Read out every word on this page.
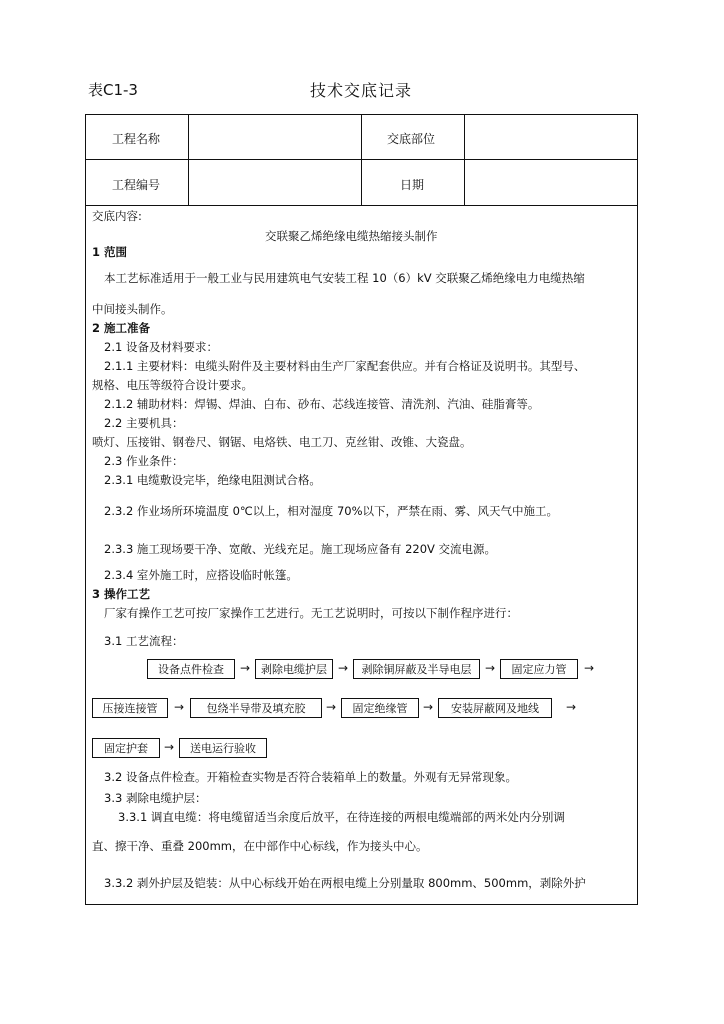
表C1-3	技术交底记录
工程名称	交底部位
工程编号	日期
交底内容:
交联聚乙烯绝缘电缆热缩接头制作
1 范围
本工艺标准适用于一般工业与民用建筑电气安装工程 10（6）kV 交联聚乙烯绝缘电力电缆热缩
中间接头制作。
2 施工准备
2.1 设备及材料要求：
2.1.1 主要材料：电缆头附件及主要材料由生产厂家配套供应。并有合格证及说明书。其型号、
规格、电压等级符合设计要求。
2.1.2 辅助材料：焊锡、焊油、白布、砂布、芯线连接管、清洗剂、汽油、硅脂膏等。
2.2 主要机具：
喷灯、压接钳、钢卷尺、钢锯、电烙铁、电工刀、克丝钳、改锥、大瓷盘。
2.3 作业条件：
2.3.1 电缆敷设完毕，绝缘电阻测试合格。
2.3.2 作业场所环境温度 0℃以上，相对湿度 70%以下，严禁在雨、雾、风天气中施工。
2.3.3 施工现场要干净、宽敞、光线充足。施工现场应备有 220V 交流电源。
2.3.4 室外施工时，应搭设临时帐篷。
3 操作工艺
厂家有操作工艺可按厂家操作工艺进行。无工艺说明时，可按以下制作程序进行：
3.1 工艺流程：
设备点件检查	→ 剥除电缆护层 →	剥除铜屏蔽及半导电层	→	固定应力管	→
压接连接管	→	包绕半导带及填充胶	→	固定绝缘管	→	安装屏蔽网及地线	→
固定护套	→	送电运行验收
3.2 设备点件检查。开箱检查实物是否符合装箱单上的数量。外观有无异常现象。
3.3 剥除电缆护层：
3.3.1 调直电缆：将电缆留适当余度后放平，在待连接的两根电缆端部的两米处内分别调
直、擦干净、重叠 200mm，在中部作中心标线，作为接头中心。
3.3.2 剥外护层及铠装：从中心标线开始在两根电缆上分别量取 800mm、500mm，剥除外护
